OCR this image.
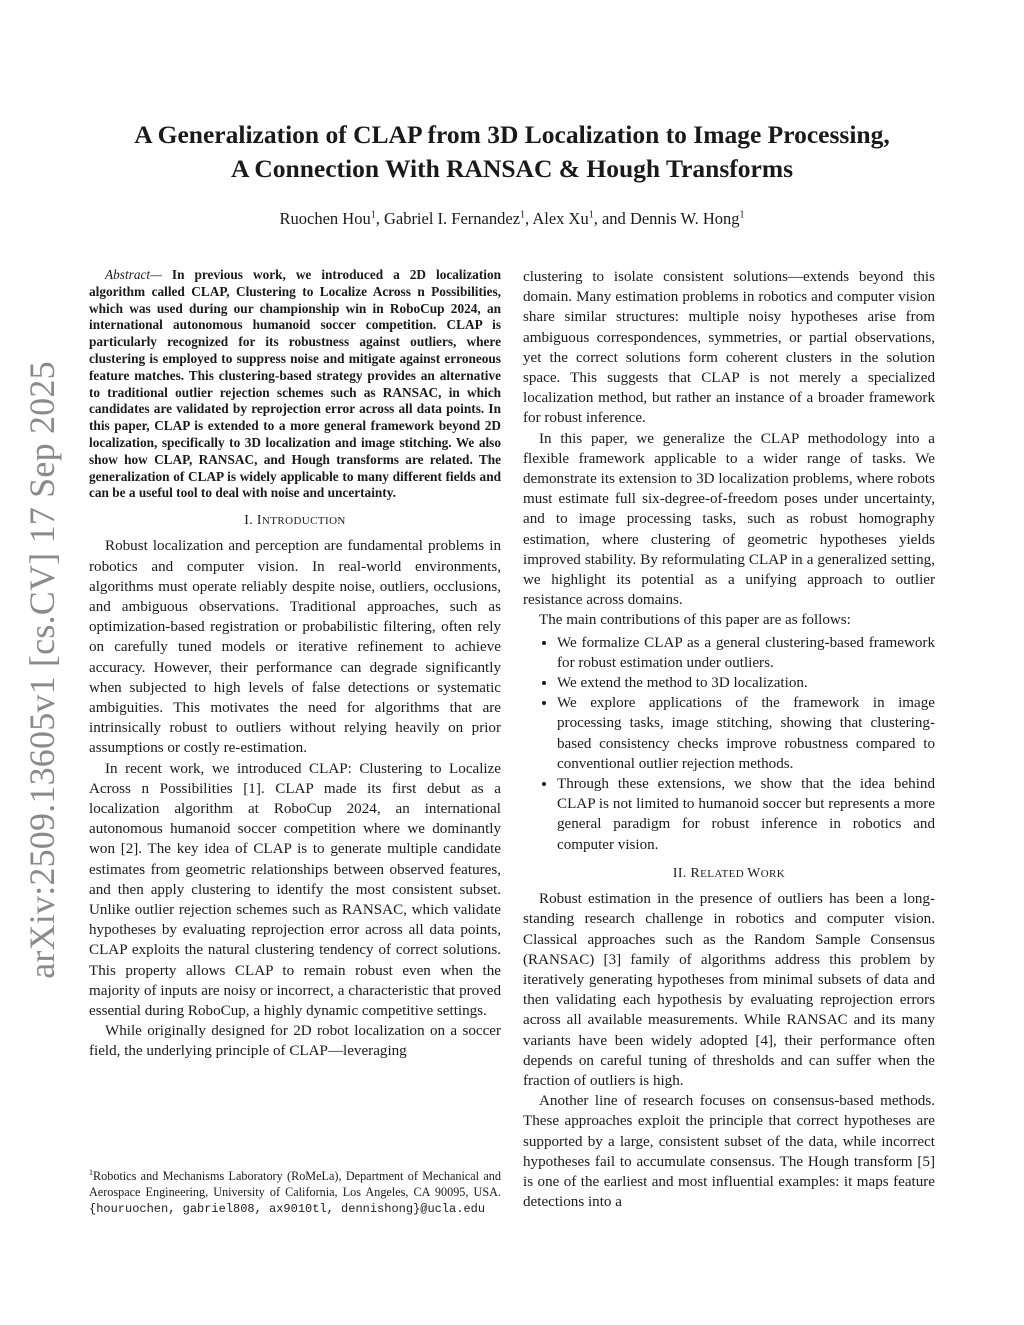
arXiv:2509.13605v1 [cs.CV] 17 Sep 2025
A Generalization of CLAP from 3D Localization to Image Processing,
A Connection With RANSAC & Hough Transforms
Ruochen Hou$^1$, Gabriel I. Fernandez$^1$, Alex Xu$^1$, and Dennis W. Hong$^1$

Abstract— In previous work, we introduced a 2D localization algorithm called CLAP, Clustering to Localize Across n Possibilities, which was used during our championship win in RoboCup 2024, an international autonomous humanoid soccer competition. CLAP is particularly recognized for its robustness against outliers, where clustering is employed to suppress noise and mitigate against erroneous feature matches. This clustering-based strategy provides an alternative to traditional outlier rejection schemes such as RANSAC, in which candidates are validated by reprojection error across all data points. In this paper, CLAP is extended to a more general framework beyond 2D localization, specifically to 3D localization and image stitching. We also show how CLAP, RANSAC, and Hough transforms are related. The generalization of CLAP is widely applicable to many different fields and can be a useful tool to deal with noise and uncertainty.

I. INTRODUCTION

Robust localization and perception are fundamental problems in robotics and computer vision. In real-world environments, algorithms must operate reliably despite noise, outliers, occlusions, and ambiguous observations. Traditional approaches, such as optimization-based registration or probabilistic filtering, often rely on carefully tuned models or iterative refinement to achieve accuracy. However, their performance can degrade significantly when subjected to high levels of false detections or systematic ambiguities. This motivates the need for algorithms that are intrinsically robust to outliers without relying heavily on prior assumptions or costly re-estimation.

In recent work, we introduced CLAP: Clustering to Localize Across n Possibilities [1]. CLAP made its first debut as a localization algorithm at RoboCup 2024, an international autonomous humanoid soccer competition where we dominantly won [2]. The key idea of CLAP is to generate multiple candidate estimates from geometric relationships between observed features, and then apply clustering to identify the most consistent subset. Unlike outlier rejection schemes such as RANSAC, which validate hypotheses by evaluating reprojection error across all data points, CLAP exploits the natural clustering tendency of correct solutions. This property allows CLAP to remain robust even when the majority of inputs are noisy or incorrect, a characteristic that proved essential during RoboCup, a highly dynamic competitive settings.

While originally designed for 2D robot localization on a soccer field, the underlying principle of CLAP—leveraging

$^1$Robotics and Mechanisms Laboratory (RoMeLa), Department of Mechanical and Aerospace Engineering, University of California, Los Angeles, CA 90095, USA. {houruochen, gabriel808, ax9010tl, dennishong}@ucla.edu

clustering to isolate consistent solutions—extends beyond this domain. Many estimation problems in robotics and computer vision share similar structures: multiple noisy hypotheses arise from ambiguous correspondences, symmetries, or partial observations, yet the correct solutions form coherent clusters in the solution space. This suggests that CLAP is not merely a specialized localization method, but rather an instance of a broader framework for robust inference.

In this paper, we generalize the CLAP methodology into a flexible framework applicable to a wider range of tasks. We demonstrate its extension to 3D localization problems, where robots must estimate full six-degree-of-freedom poses under uncertainty, and to image processing tasks, such as robust homography estimation, where clustering of geometric hypotheses yields improved stability. By reformulating CLAP in a generalized setting, we highlight its potential as a unifying approach to outlier resistance across domains.

The main contributions of this paper are as follows:

• We formalize CLAP as a general clustering-based framework for robust estimation under outliers.
• We extend the method to 3D localization.
• We explore applications of the framework in image processing tasks, image stitching, showing that clustering-based consistency checks improve robustness compared to conventional outlier rejection methods.
• Through these extensions, we show that the idea behind CLAP is not limited to humanoid soccer but represents a more general paradigm for robust inference in robotics and computer vision.
II. RELATED WORK

Robust estimation in the presence of outliers has been a long-standing research challenge in robotics and computer vision. Classical approaches such as the Random Sample Consensus (RANSAC) [3] family of algorithms address this problem by iteratively generating hypotheses from minimal subsets of data and then validating each hypothesis by evaluating reprojection errors across all available measurements. While RANSAC and its many variants have been widely adopted [4], their performance often depends on careful tuning of thresholds and can suffer when the fraction of outliers is high.

Another line of research focuses on consensus-based methods. These approaches exploit the principle that correct hypotheses are supported by a large, consistent subset of the data, while incorrect hypotheses fail to accumulate consensus. The Hough transform [5] is one of the earliest and most influential examples: it maps feature detections into a
